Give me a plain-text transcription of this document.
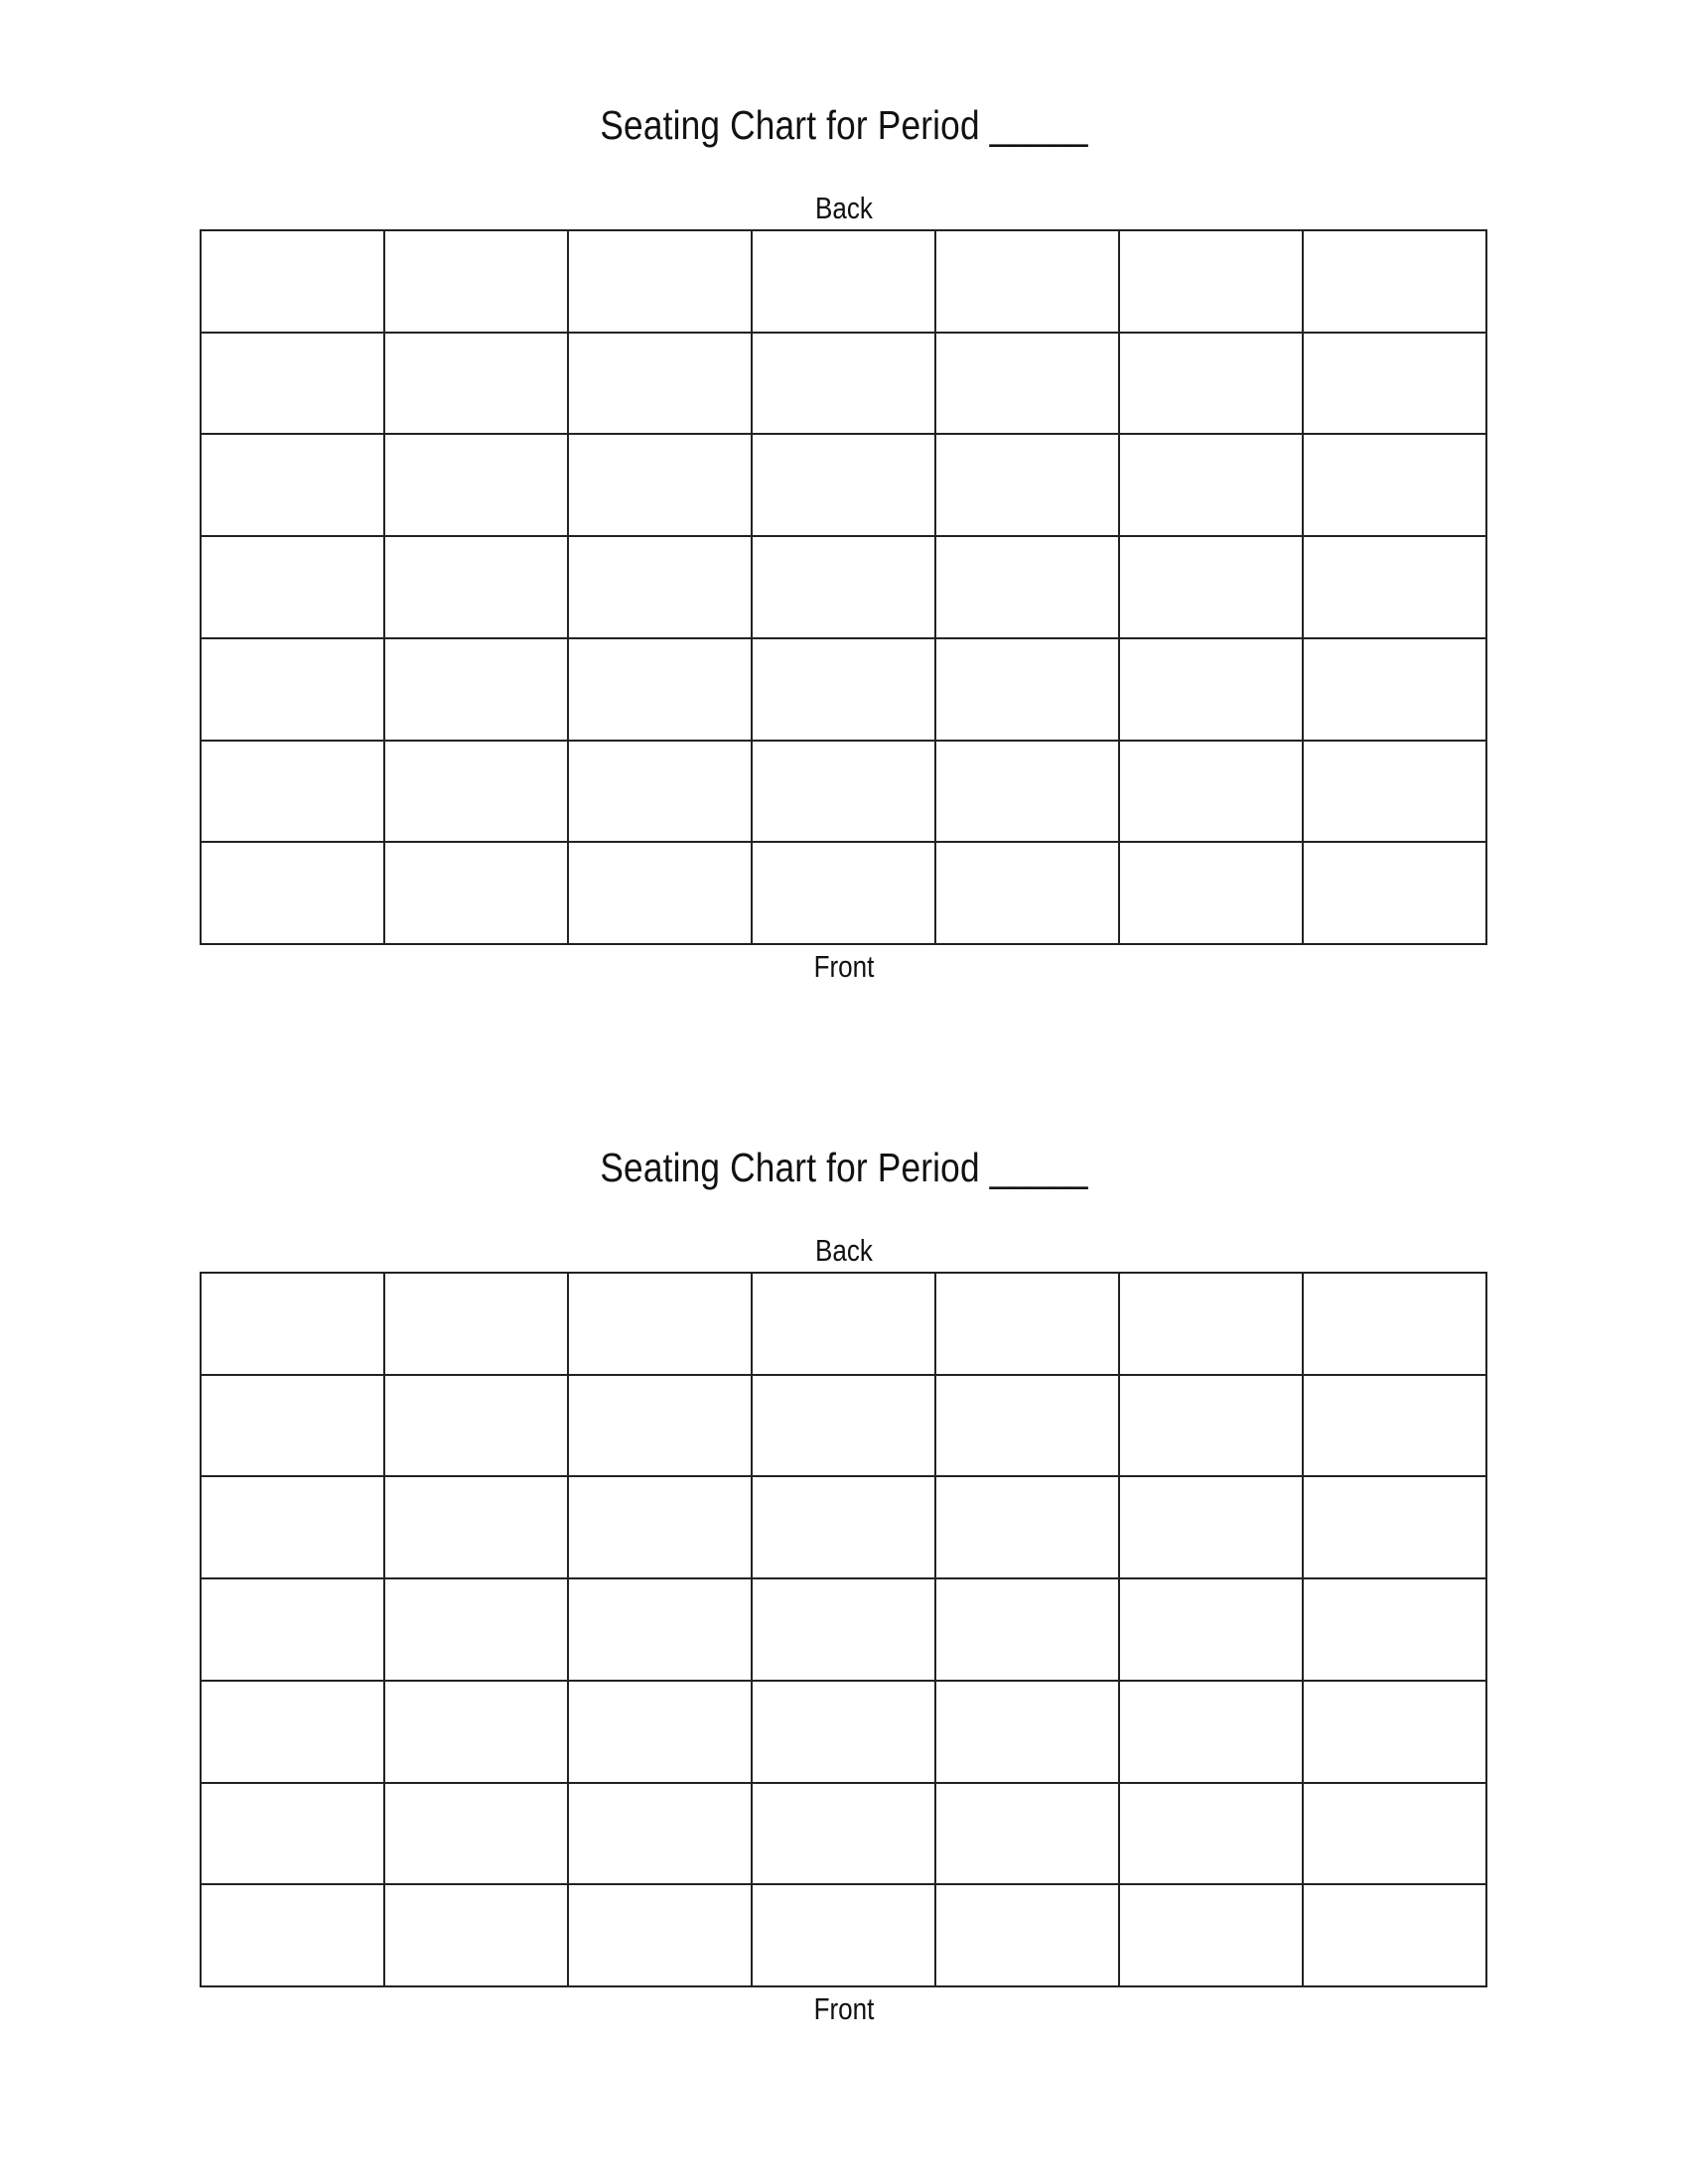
Seating Chart for Period _____
Back

Front
Seating Chart for Period _____
Back

Front
